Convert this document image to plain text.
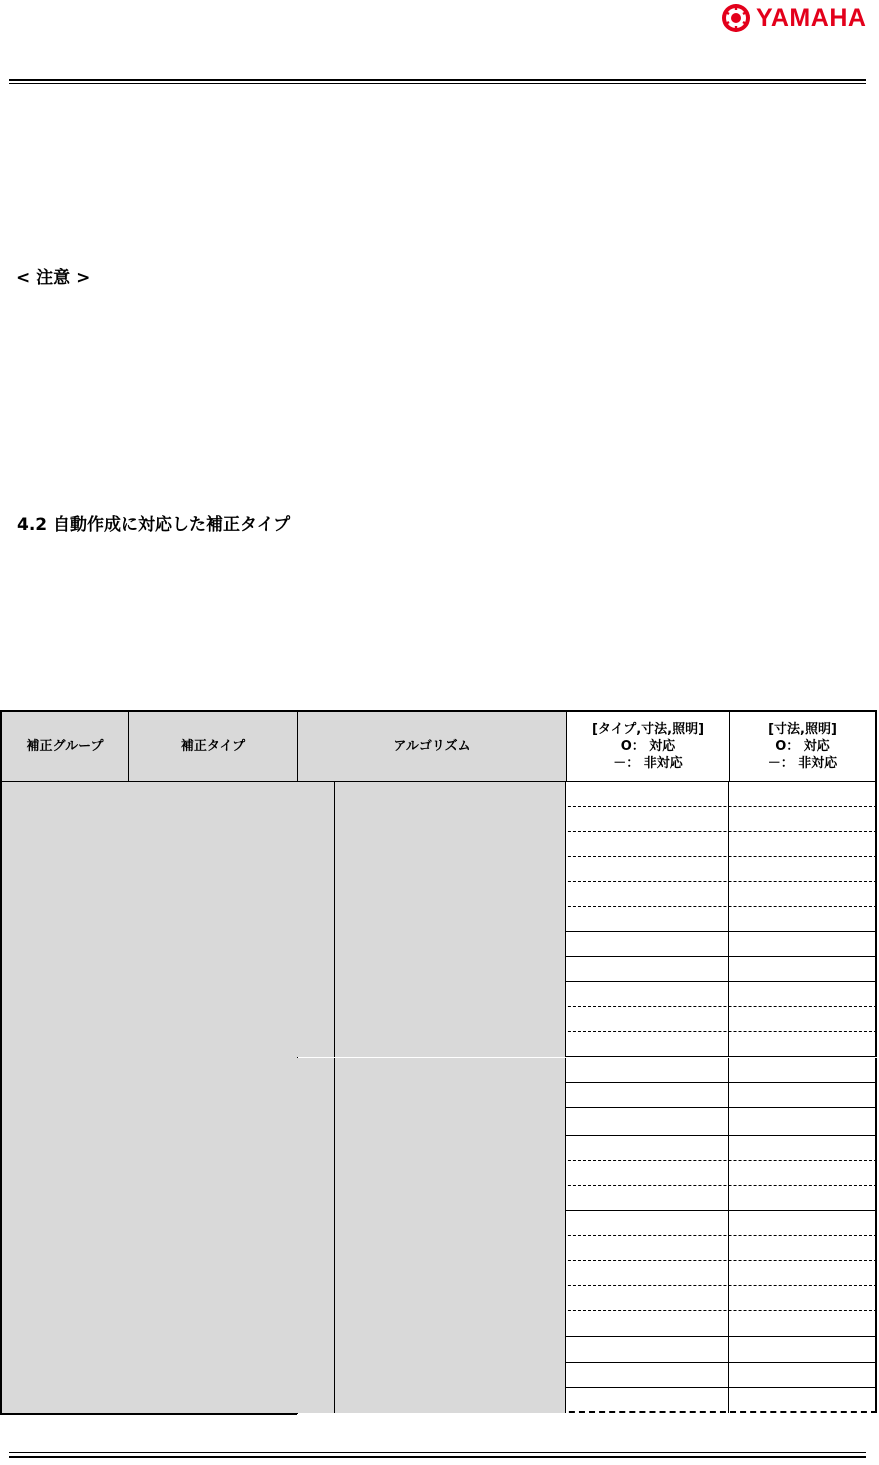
YAMAHA
< 注意 >
4.2 自動作成に対応した補正タイプ
補正グループ	補正タイプ	アルゴリズム
[タイプ,寸法,照明]
O： 対応
－： 非対応
[寸法,照明]
O： 対応
－： 非対応
